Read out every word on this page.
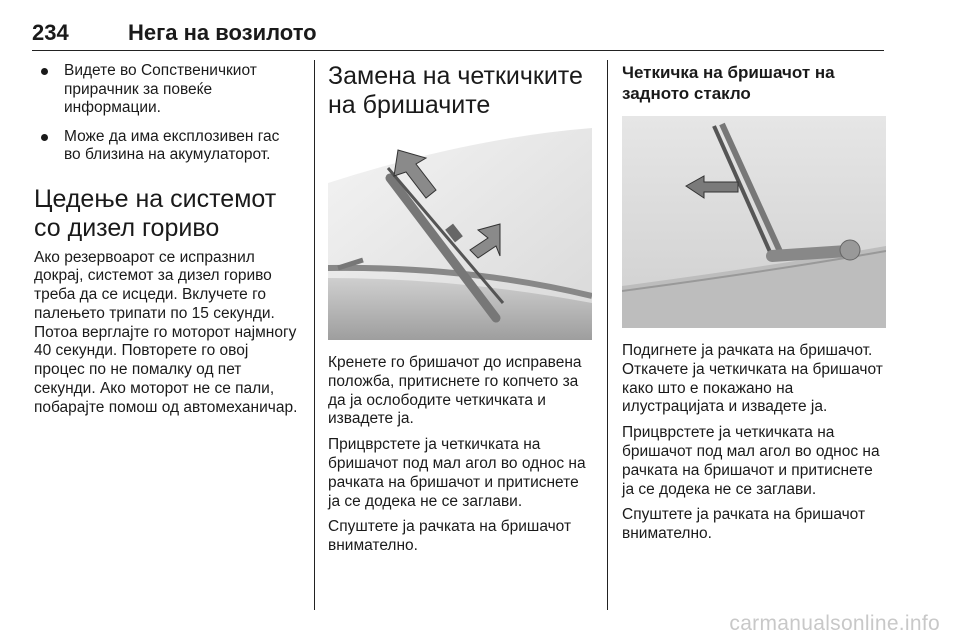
234	Нега на возилото
Видете во Сопственичкиот прирачник за повеќе информации.
Може да има експлозивен гас во близина на акумулаторот.
Цедење на системот со дизел гориво

Ако резервоарот се испразнил докрај, системот за дизел гориво треба да се исцеди. Вклучете го палењето трипати по 15 секунди. Потоа верглајте го моторот најмногу 40 секунди. Повторете го овој процес по не помалку од пет секунди. Ако моторот не се пали, побарајте помош од автомеханичар.

Замена на четкичките на бришачите

Кренете го бришачот до исправена положба, притиснете го копчето за да ја ослободите четкичката и извадете ја.

Прицврстете ја четкичката на бришачот под мал агол во однос на рачката на бришачот и притиснете ја се додека не се заглави.

Спуштете ја рачката на бришачот внимателно.

Четкичка на бришачот на задното стакло

Подигнете ја рачката на бришачот. Откачете ја четкичката на бришачот како што е покажано на илустрацијата и извадете ја.

Прицврстете ја четкичката на бришачот под мал агол во однос на рачката на бришачот и притиснете ја се додека не се заглави.

Спуштете ја рачката на бришачот внимателно.

carmanualsonline.info
